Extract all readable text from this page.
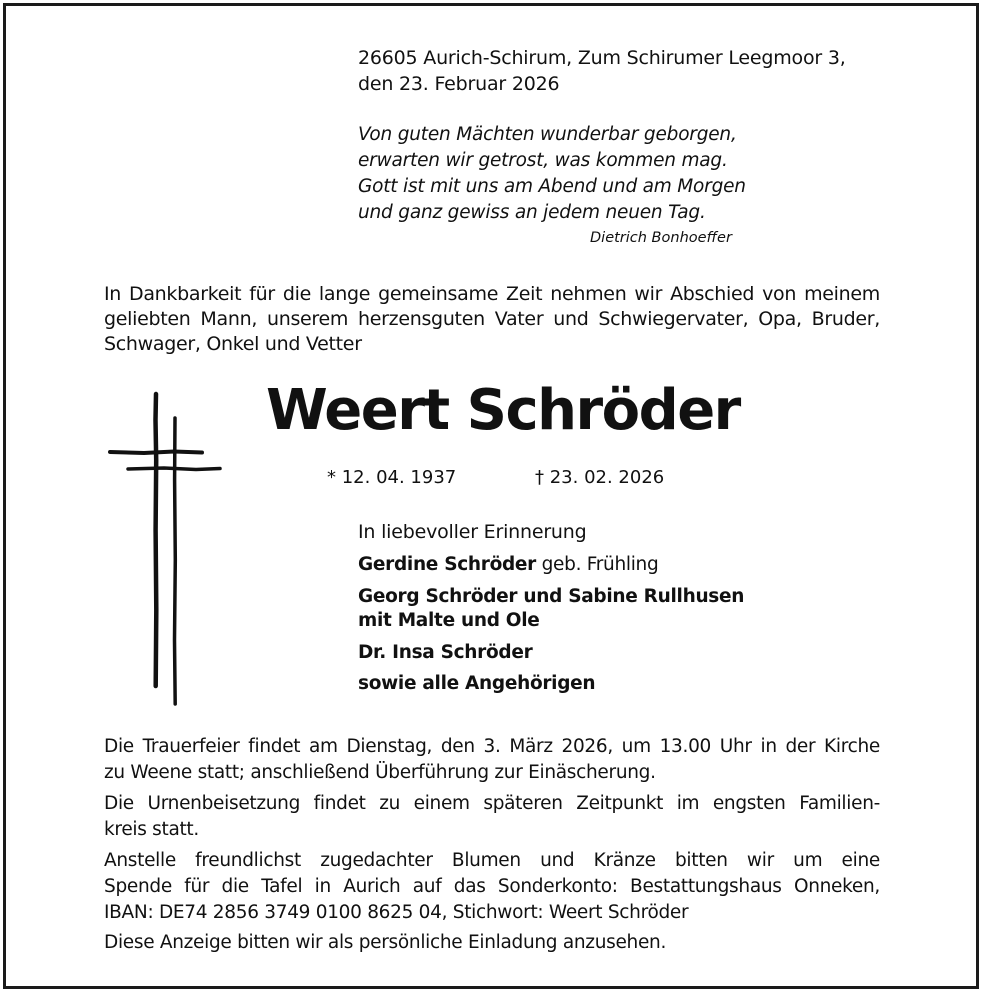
26605 Aurich-Schirum, Zum Schirumer Leegmoor 3,
den 23. Februar 2026
Von guten Mächten wunderbar geborgen,
erwarten wir getrost, was kommen mag.
Gott ist mit uns am Abend und am Morgen
und ganz gewiss an jedem neuen Tag.
Dietrich Bonhoeffer
In Dankbarkeit für die lange gemeinsame Zeit nehmen wir Abschied von meinem
geliebten Mann, unserem herzensguten Vater und Schwiegervater, Opa, Bruder,
Schwager, Onkel und Vetter
Weert Schröder
* 12. 04. 1937	† 23. 02. 2026
In liebevoller Erinnerung
Gerdine Schröder geb. Frühling
Georg Schröder und Sabine Rullhusen
mit Malte und Ole
Dr. Insa Schröder
sowie alle Angehörigen
Die Trauerfeier findet am Dienstag, den 3. März 2026, um 13.00 Uhr in der Kirche
zu Weene statt; anschließend Überführung zur Einäscherung.
Die Urnenbeisetzung findet zu einem späteren Zeitpunkt im engsten Familien-
kreis statt.
Anstelle freundlichst zugedachter Blumen und Kränze bitten wir um eine
Spende für die Tafel in Aurich auf das Sonderkonto: Bestattungshaus Onneken,
IBAN: DE74 2856 3749 0100 8625 04, Stichwort: Weert Schröder
Diese Anzeige bitten wir als persönliche Einladung anzusehen.
